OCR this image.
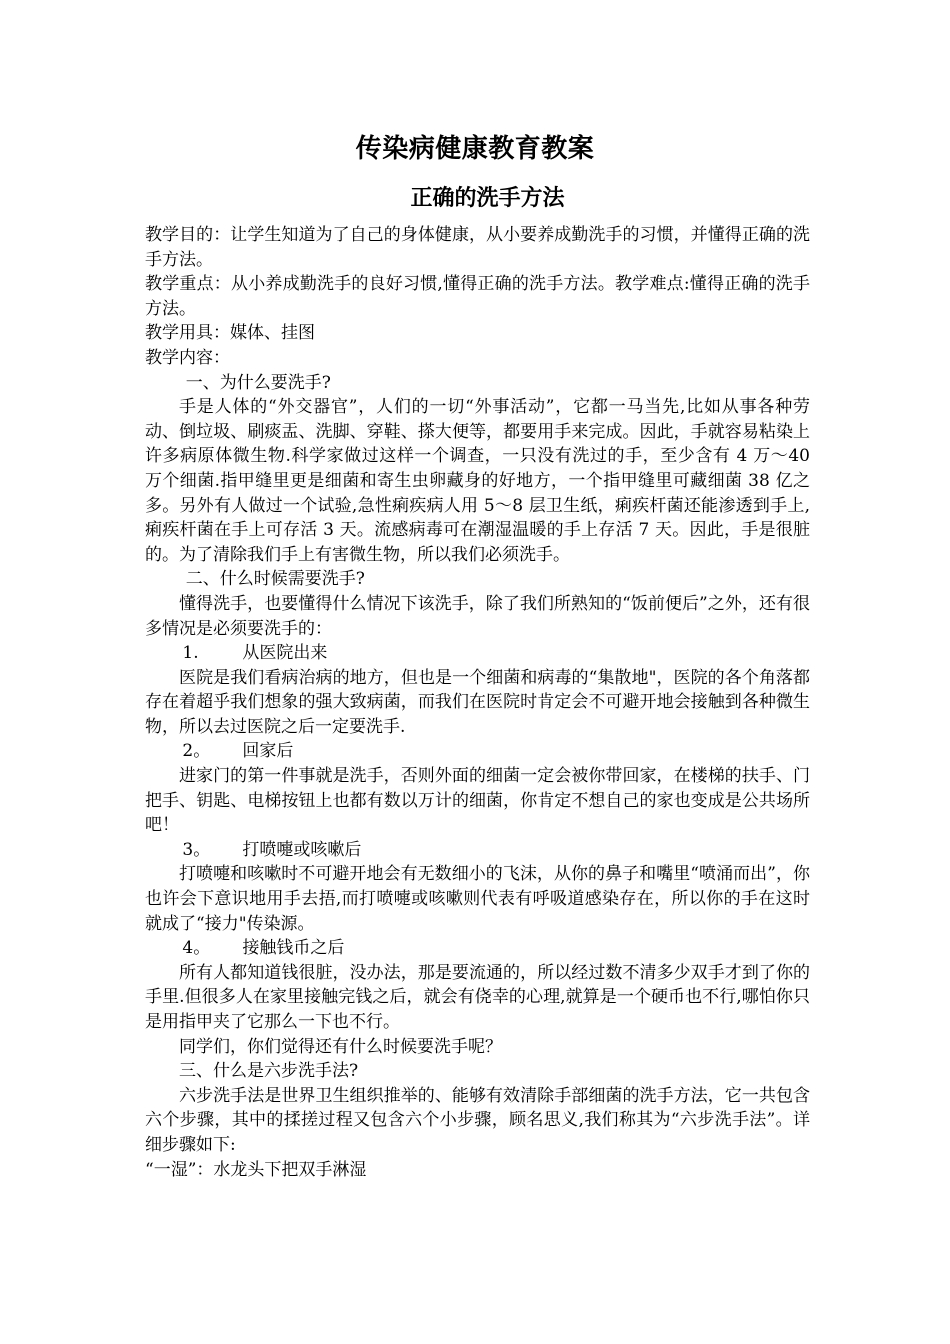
传染病健康教育教案
正确的洗手方法

教学目的：让学生知道为了自己的身体健康，从小要养成勤洗手的习惯，并懂得正确的洗手方法。

教学重点：从小养成勤洗手的良好习惯,懂得正确的洗手方法。教学难点:懂得正确的洗手方法。

教学用具：媒体、挂图

教学内容：

一、为什么要洗手?

手是人体的“外交器官”，人们的一切“外事活动”，它都一马当先,比如从事各种劳动、倒垃圾、刷痰盂、洗脚、穿鞋、搽大便等，都要用手来完成。因此，手就容易粘染上许多病原体微生物.科学家做过这样一个调查，一只没有洗过的手，至少含有 4 万～40 万个细菌.指甲缝里更是细菌和寄生虫卵藏身的好地方，一个指甲缝里可藏细菌 38 亿之多。另外有人做过一个试验,急性痢疾病人用 5～8 层卫生纸，痢疾杆菌还能渗透到手上,痢疾杆菌在手上可存活 3 天。流感病毒可在潮湿温暖的手上存活 7 天。因此，手是很脏的。为了清除我们手上有害微生物，所以我们必须洗手。

二、什么时候需要洗手?

懂得洗手，也要懂得什么情况下该洗手，除了我们所熟知的“饭前便后”之外，还有很多情况是必须要洗手的：

1.	从医院出来

医院是我们看病治病的地方，但也是一个细菌和病毒的“集散地"，医院的各个角落都存在着超乎我们想象的强大致病菌，而我们在医院时肯定会不可避开地会接触到各种微生物，所以去过医院之后一定要洗手.

2。 回家后

进家门的第一件事就是洗手，否则外面的细菌一定会被你带回家，在楼梯的扶手、门把手、钥匙、电梯按钮上也都有数以万计的细菌，你肯定不想自己的家也变成是公共场所吧！

3。 打喷嚏或咳嗽后

打喷嚏和咳嗽时不可避开地会有无数细小的飞沫，从你的鼻子和嘴里“喷涌而出”，你也许会下意识地用手去捂,而打喷嚏或咳嗽则代表有呼吸道感染存在，所以你的手在这时就成了“接力"传染源。

4。 接触钱币之后

所有人都知道钱很脏，没办法，那是要流通的，所以经过数不清多少双手才到了你的手里.但很多人在家里接触完钱之后，就会有侥幸的心理,就算是一个硬币也不行,哪怕你只是用指甲夹了它那么一下也不行。

同学们，你们觉得还有什么时候要洗手呢？

三、什么是六步洗手法?

六步洗手法是世界卫生组织推举的、能够有效清除手部细菌的洗手方法，它一共包含六个步骤，其中的揉搓过程又包含六个小步骤，顾名思义,我们称其为“六步洗手法”。详细步骤如下:

“一湿”：水龙头下把双手淋湿
